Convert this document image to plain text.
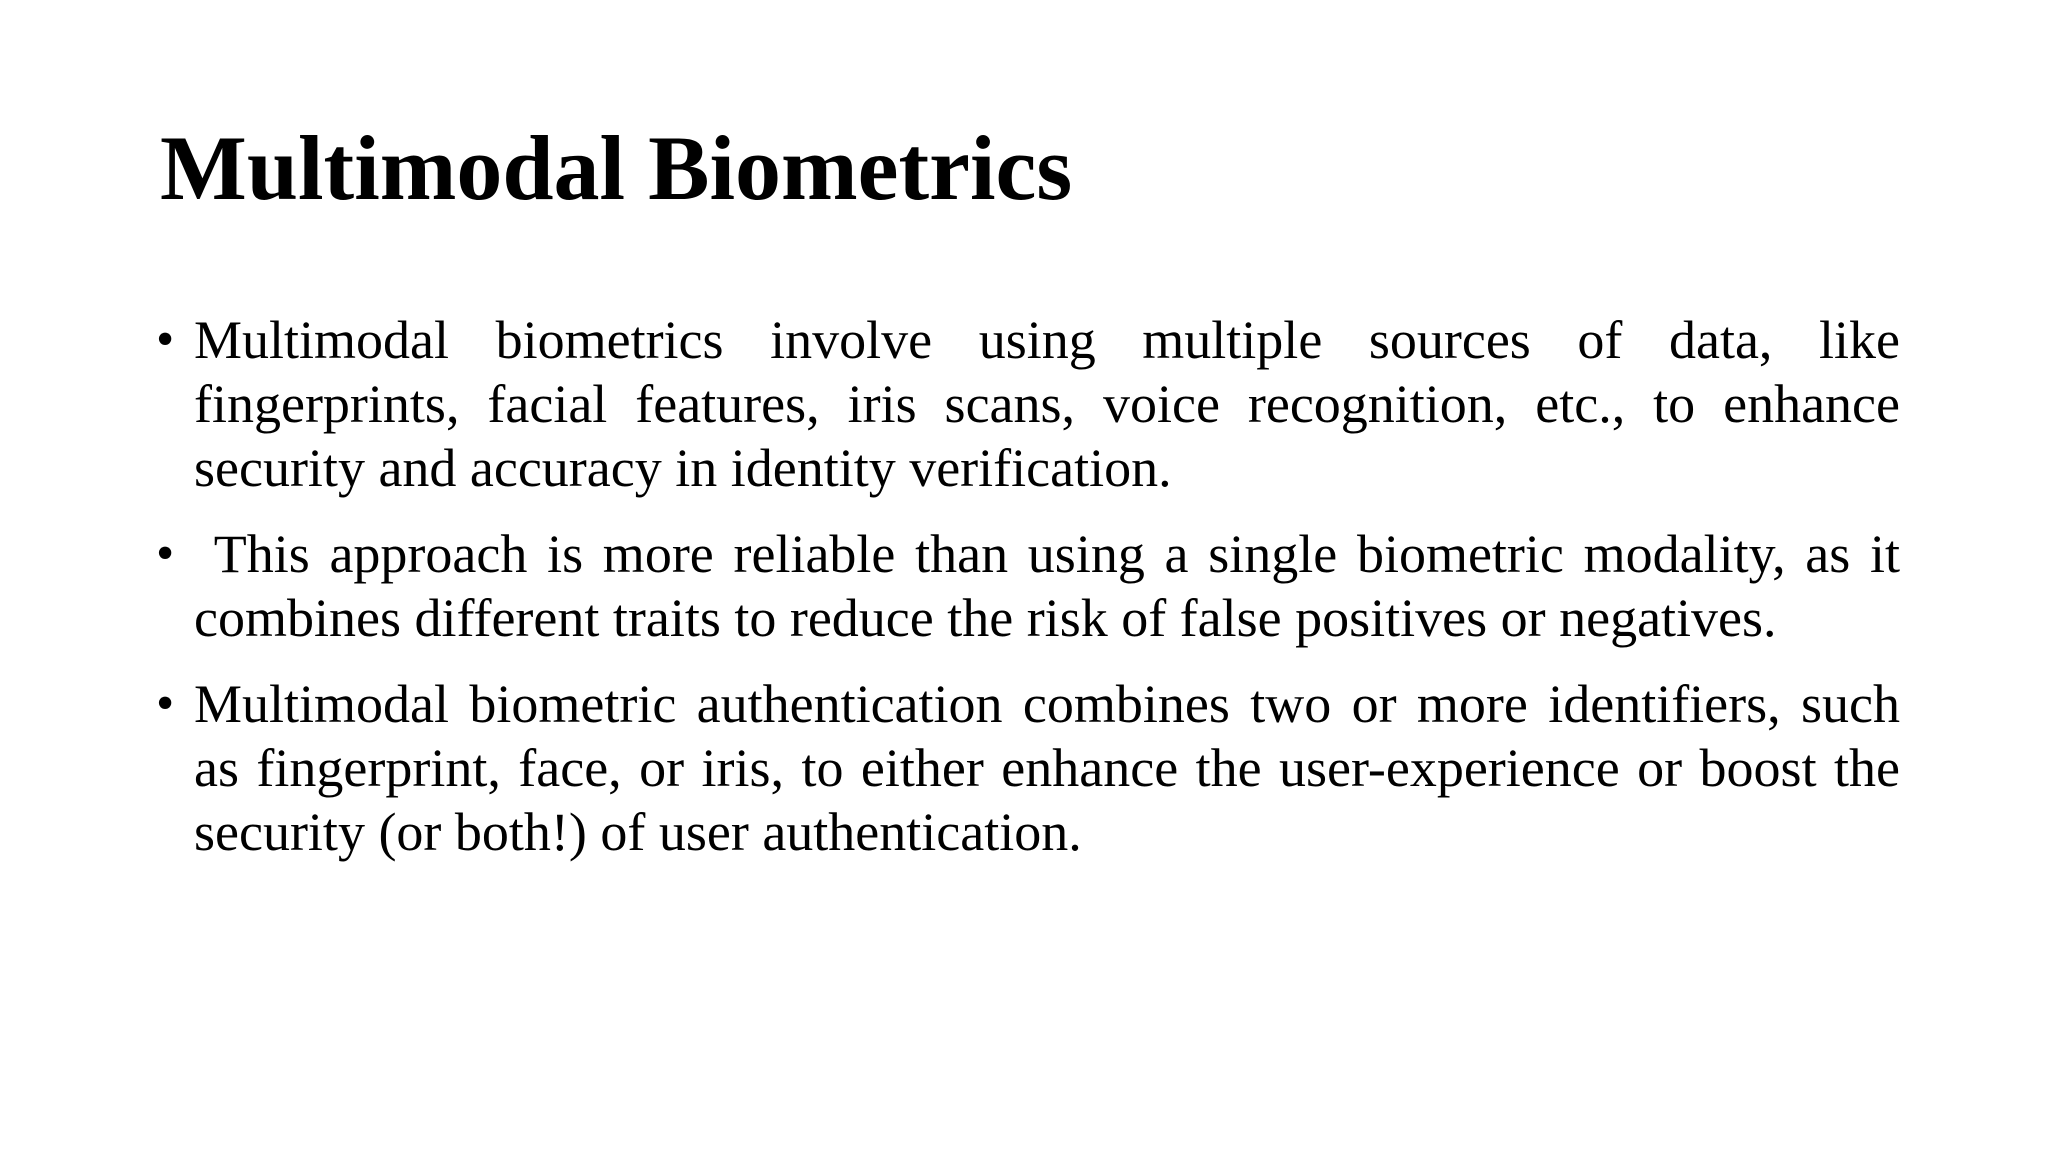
Multimodal Biometrics
• Multimodal biometrics involve using multiple sources of data, like fingerprints, facial features, iris scans, voice recognition, etc., to enhance security and accuracy in identity verification.
• This approach is more reliable than using a single biometric modality, as it combines different traits to reduce the risk of false positives or negatives.
• Multimodal biometric authentication combines two or more identifiers, such as fingerprint, face, or iris, to either enhance the user-experience or boost the security (or both!) of user authentication.
